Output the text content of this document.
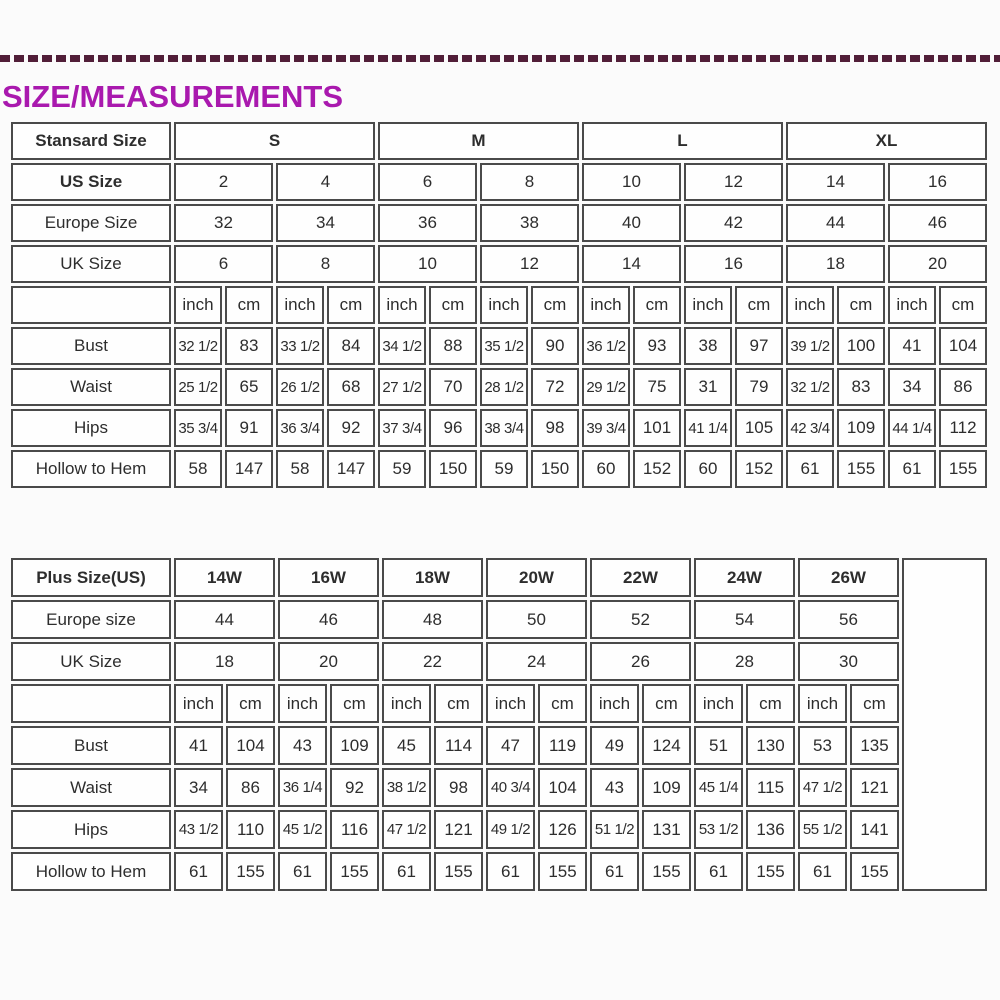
SIZE/MEASUREMENTS
Stansard Size	S				M				L				XL			
US Size	2		4		6		8		10		12		14		16	
Europe Size	32		34		36		38		40		42		44		46	
UK Size	6		8		10		12		14		16		18		20	
	inch	cm	inch	cm	inch	cm	inch	cm	inch	cm	inch	cm	inch	cm	inch	cm
Bust	32 1/2	83	33 1/2	84	34 1/2	88	35 1/2	90	36 1/2	93	38	97	39 1/2	100	41	104
Waist	25 1/2	65	26 1/2	68	27 1/2	70	28 1/2	72	29 1/2	75	31	79	32 1/2	83	34	86
Hips	35 3/4	91	36 3/4	92	37 3/4	96	38 3/4	98	39 3/4	101	41 1/4	105	42 3/4	109	44 1/4	112
Hollow to Hem	58	147	58	147	59	150	59	150	60	152	60	152	61	155	61	155
Plus Size(US)	14W		16W		18W		20W		22W		24W		26W		
Europe size	44		46		48		50		52		54		56		
UK Size	18		20		22		24		26		28		30		
	inch	cm	inch	cm	inch	cm	inch	cm	inch	cm	inch	cm	inch	cm	
Bust	41	104	43	109	45	114	47	119	49	124	51	130	53	135	
Waist	34	86	36 1/4	92	38 1/2	98	40 3/4	104	43	109	45 1/4	115	47 1/2	121	
Hips	43 1/2	110	45 1/2	116	47 1/2	121	49 1/2	126	51 1/2	131	53 1/2	136	55 1/2	141	
Hollow to Hem	61	155	61	155	61	155	61	155	61	155	61	155	61	155	
